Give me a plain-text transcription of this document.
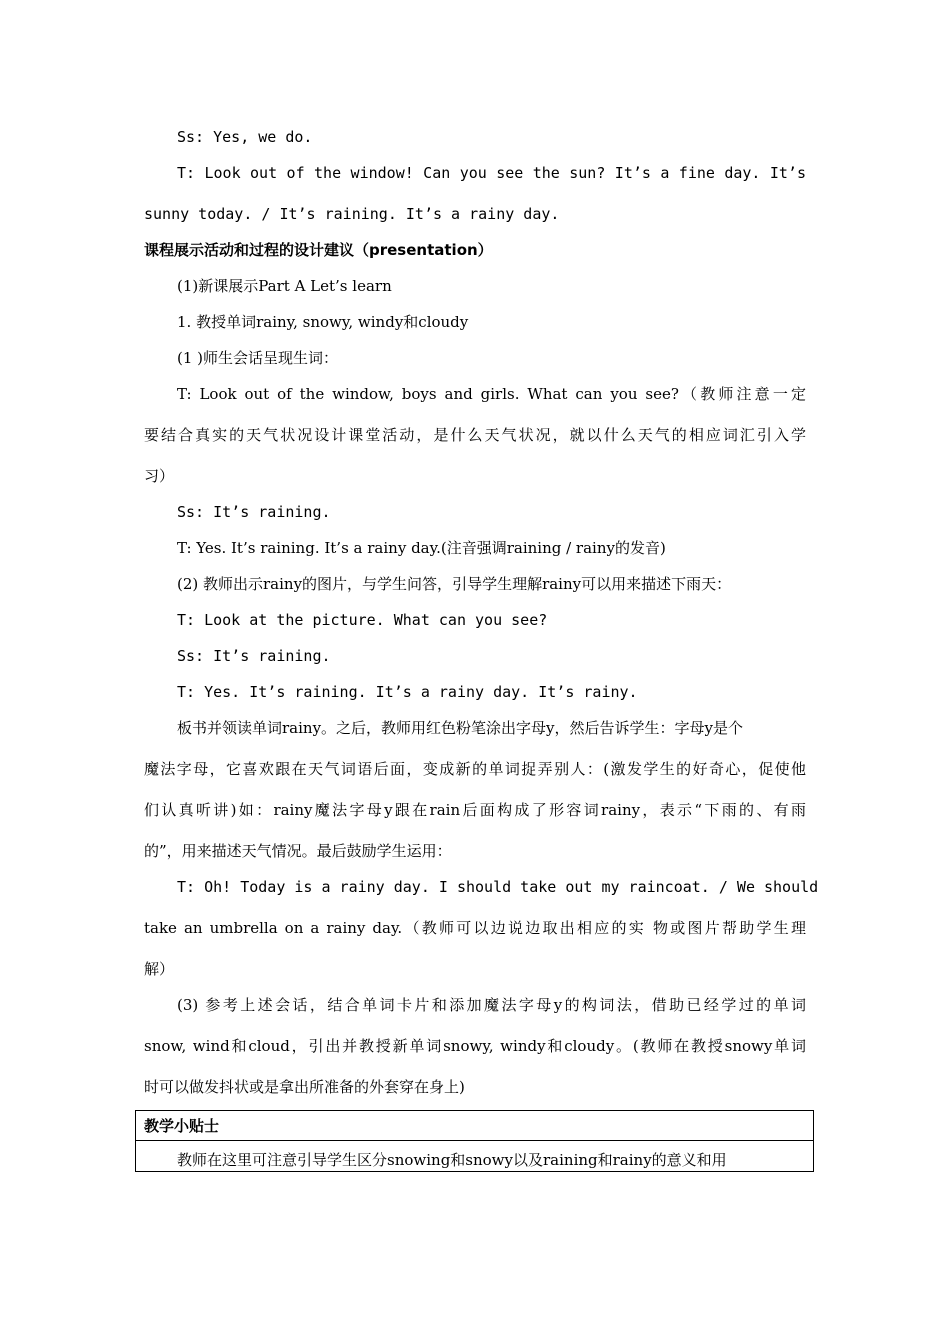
Ss: Yes, we do.
T: Look out of the window! Can you see the sun? It’s a fine day. It’s
sunny today. / It’s raining. It’s a rainy day.
课程展示活动和过程的设计建议（presentation）
(1)新课展示Part A Let’s learn
1. 教授单词rainy, snowy, windy和cloudy
(1 )师生会话呈现生词：
T: Look out of the window, boys and girls. What can you see?（教师注意一定
要结合真实的天气状况设计课堂活动，是什么天气状况，就以什么天气的相应词汇引入学
习）
Ss: It’s raining.
T: Yes. It’s raining. It’s a rainy day.(注音强调raining / rainy的发音)
(2) 教师出示rainy的图片，与学生问答，引导学生理解rainy可以用来描述下雨天：
T: Look at the picture. What can you see?
Ss: It’s raining.
T: Yes. It’s raining. It’s a rainy day. It’s rainy.
板书并领读单词rainy。之后，教师用红色粉笔涂出字母y，然后告诉学生：字母y是个
魔法字母，它喜欢跟在天气词语后面，变成新的单词捉弄别人：(激发学生的好奇心，促使他
们认真听讲)如：rainy魔法字母y跟在rain后面构成了形容词rainy，表示“下雨的、有雨
的”，用来描述天气情况。最后鼓励学生运用：
T: Oh! Today is a rainy day. I should take out my raincoat. / We should
take an umbrella on a rainy day.（教师可以边说边取出相应的实 物或图片帮助学生理
解）
(3) 参考上述会话，结合单词卡片和添加魔法字母y的构词法，借助已经学过的单词
snow, wind和cloud，引出并教授新单词snowy, windy和cloudy。(教师在教授snowy单词
时可以做发抖状或是拿出所准备的外套穿在身上)
教学小贴士
教师在这里可注意引导学生区分snowing和snowy以及raining和rainy的意义和用
